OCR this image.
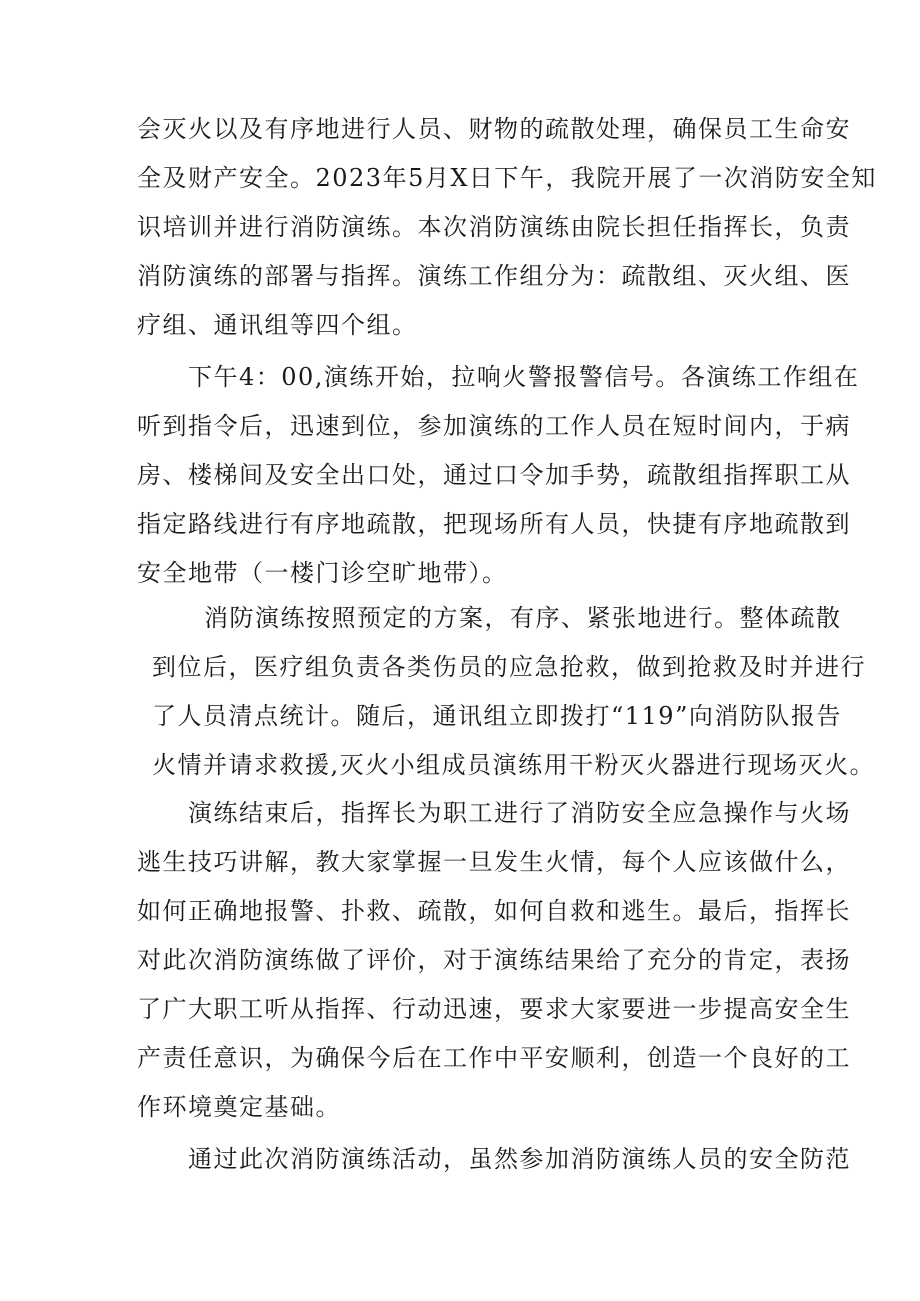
会灭火以及有序地进行人员、财物的疏散处理，确保员工生命安
全及财产安全。2023年5月X日下午，我院开展了一次消防安全知
识培训并进行消防演练。本次消防演练由院长担任指挥长，负责
消防演练的部署与指挥。演练工作组分为：疏散组、灭火组、医
疗组、通讯组等四个组。
下午4：00,演练开始，拉响火警报警信号。各演练工作组在
听到指令后，迅速到位，参加演练的工作人员在短时间内，于病
房、楼梯间及安全出口处，通过口令加手势，疏散组指挥职工从
指定路线进行有序地疏散，把现场所有人员，快捷有序地疏散到
安全地带（一楼门诊空旷地带）。
消防演练按照预定的方案，有序、紧张地进行。整体疏散
到位后，医疗组负责各类伤员的应急抢救，做到抢救及时并进行
了人员清点统计。随后，通讯组立即拨打“119”向消防队报告
火情并请求救援,灭火小组成员演练用干粉灭火器进行现场灭火。
演练结束后，指挥长为职工进行了消防安全应急操作与火场
逃生技巧讲解，教大家掌握一旦发生火情，每个人应该做什么，
如何正确地报警、扑救、疏散，如何自救和逃生。最后，指挥长
对此次消防演练做了评价，对于演练结果给了充分的肯定，表扬
了广大职工听从指挥、行动迅速，要求大家要进一步提高安全生
产责任意识，为确保今后在工作中平安顺利，创造一个良好的工
作环境奠定基础。
通过此次消防演练活动，虽然参加消防演练人员的安全防范
